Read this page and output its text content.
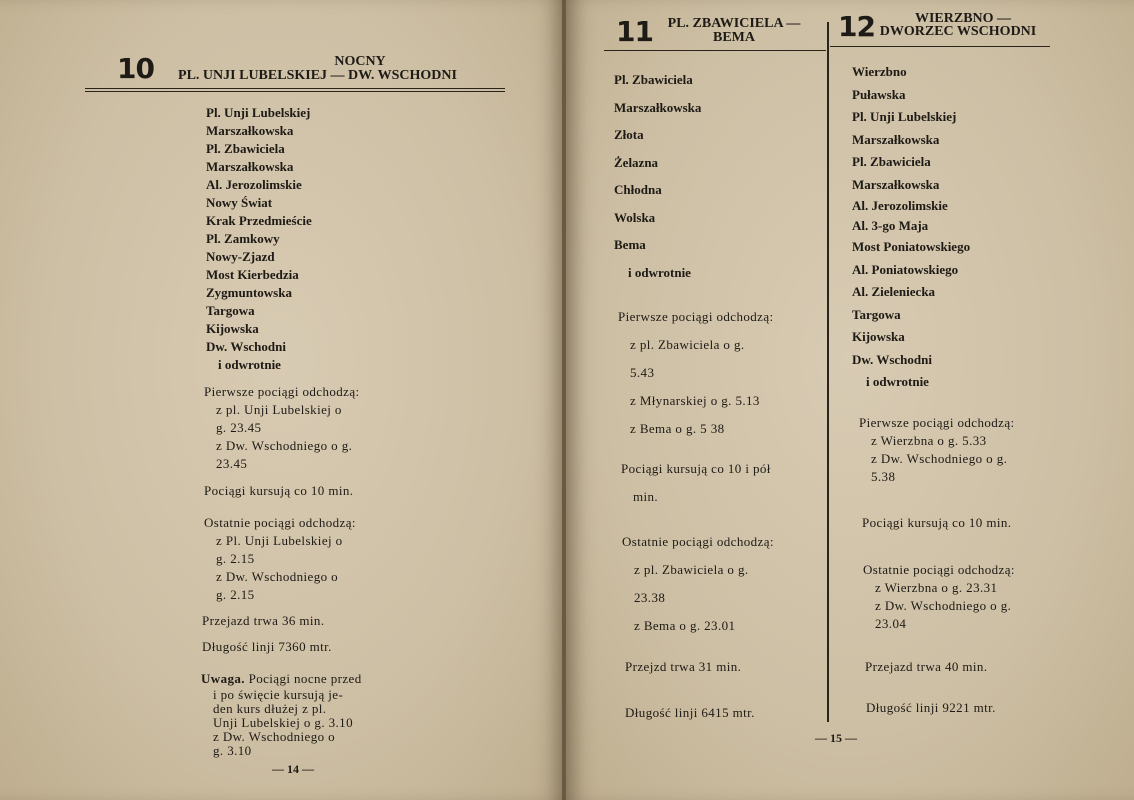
10	NOCNY
PL. UNJI LUBELSKIEJ — DW. WSCHODNI
Pl. Unji Lubelskiej
Marszałkowska
Pl. Zbawiciela
Marszałkowska
Al. Jerozolimskie
Nowy Świat
Krak Przedmieście
Pl. Zamkowy
Nowy-Zjazd
Most Kierbedzia
Zygmuntowska
Targowa
Kijowska
Dw. Wschodni
i odwrotnie
Pierwsze pociągi odchodzą:
z pl. Unji Lubelskiej o
g. 23.45
z Dw. Wschodniego o g.
23.45
Pociągi kursują co 10 min.
Ostatnie pociągi odchodzą:
z Pl. Unji Lubelskiej o
g. 2.15
z Dw. Wschodniego o
g. 2.15
Przejazd trwa 36 min.
Długość linji 7360 mtr.
Uwaga. Pociągi nocne przed
i po święcie kursują je-
den kurs dłużej z pl.
Unji Lubelskiej o g. 3.10
z Dw. Wschodniego o
g. 3.10
— 14 —
11	PL. ZBAWICIELA —
BEMA	12	WIERZBNO —
DWORZEC WSCHODNI
Pl. Zbawiciela
Marszałkowska
Złota
Żelazna
Chłodna
Wolska
Bema
i odwrotnie
Pierwsze pociągi odchodzą:
z pl. Zbawiciela o g.
5.43
z Młynarskiej o g. 5.13
z Bema o g. 5 38
Pociągi kursują co 10 i pół
min.
Ostatnie pociągi odchodzą:
z pl. Zbawiciela o g.
23.38
z Bema o g. 23.01
Przejzd trwa 31 min.
Długość linji 6415 mtr.
Wierzbno
Puławska
Pl. Unji Lubelskiej
Marszałkowska
Pl. Zbawiciela
Marszałkowska
Al. Jerozolimskie
Al. 3-go Maja
Most Poniatowskiego
Al. Poniatowskiego
Al. Zieleniecka
Targowa
Kijowska
Dw. Wschodni
i odwrotnie
Pierwsze pociągi odchodzą:
z Wierzbna o g. 5.33
z Dw. Wschodniego o g.
5.38
Pociągi kursują co 10 min.
Ostatnie pociągi odchodzą:
z Wierzbna o g. 23.31
z Dw. Wschodniego o g.
23.04
Przejazd trwa 40 min.
Długość linji 9221 mtr.
— 15 —
